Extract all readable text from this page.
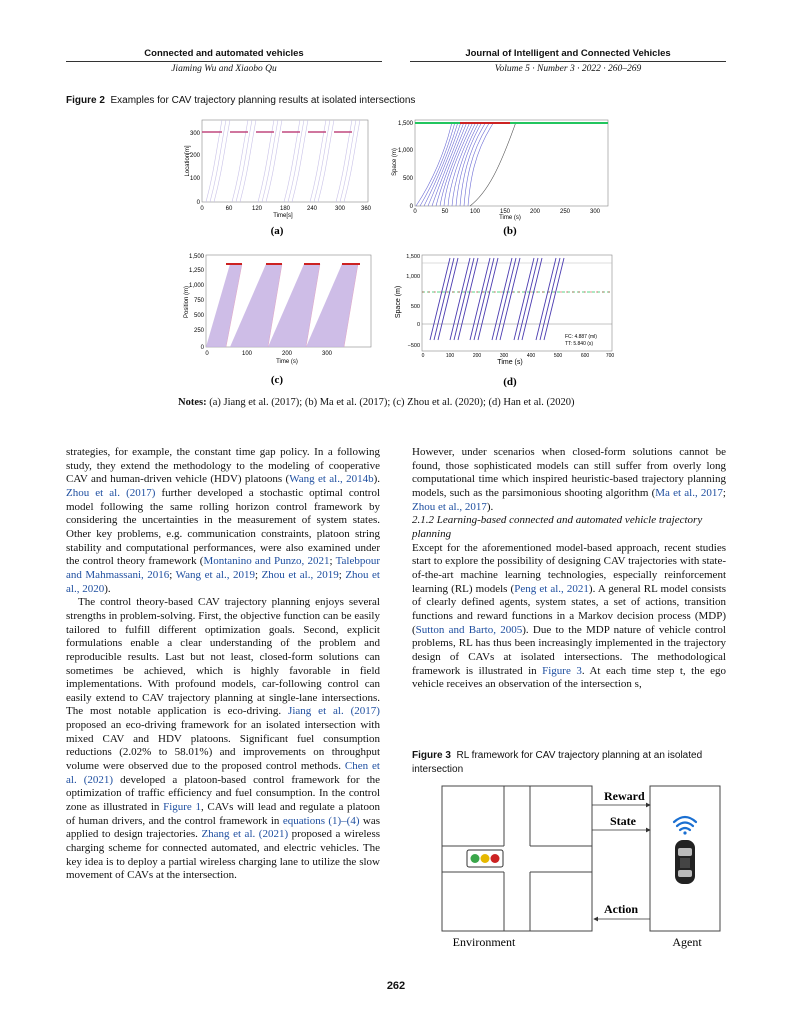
Connected and automated vehicles
Jiaming Wu and Xiaobo Qu
Journal of Intelligent and Connected Vehicles
Volume 5 · Number 3 · 2022 · 260–269
Figure 2 Examples for CAV trajectory planning results at isolated intersections
300
200
100
0
0	60	120	180	240	300	360
Time[s]
Location[m]
(a)
1,500
1,000
500
0
0	50	100	150	200	250	300
Time (s)
Space (m)
(b)
1,500
1,250
1,000
750
500
250
0
0	100	200	300
Time (s)
Position (m)
(c)
1,500
1,000
500
0
−500
0	100	200	300	400	500	600	700
Time (s)
Space (m)
FC: 4.887 (ml)
TT: 5.840 (s)
(d)
Notes: (a) Jiang et al. (2017); (b) Ma et al. (2017); (c) Zhou et al. (2020); (d) Han et al. (2020)

strategies, for example, the constant time gap policy. In a following study, they extend the methodology to the modeling of cooperative CAV and human-driven vehicle (HDV) platoons (Wang et al., 2014b). Zhou et al. (2017) further developed a stochastic optimal control model following the same rolling horizon control framework by considering the uncertainties in the measurement of system states. Other key problems, e.g. communication constraints, platoon string stability and computational performances, were also examined under the control theory framework (Montanino and Punzo, 2021; Talebpour and Mahmassani, 2016; Wang et al., 2019; Zhou et al., 2019; Zhou et al., 2020).

The control theory-based CAV trajectory planning enjoys several strengths in problem-solving. First, the objective function can be easily tailored to fulfill different optimization goals. Second, explicit formulations enable a clear understanding of the problem and reproducible results. Last but not least, closed-form solutions can sometimes be achieved, which is highly favorable in field implementations. With profound models, car-following control can easily extend to CAV trajectory planning at single-lane intersections. The most notable application is eco-driving. Jiang et al. (2017) proposed an eco-driving framework for an isolated intersection with mixed CAV and HDV platoons. Significant fuel consumption reductions (2.02% to 58.01%) and improvements on throughput volume were observed due to the proposed control methods. Chen et al. (2021) developed a platoon-based control framework for the optimization of traffic efficiency and fuel consumption. In the control zone as illustrated in Figure 1, CAVs will lead and regulate a platoon of human drivers, and the control framework in equations (1)–(4) was applied to design trajectories. Zhang et al. (2021) proposed a wireless charging scheme for connected automated, and electric vehicles. The key idea is to deploy a partial wireless charging lane to utilize the slow movement of CAVs at the intersection.

However, under scenarios when closed-form solutions cannot be found, those sophisticated models can still suffer from overly long computational time which inspired heuristic-based trajectory planning models, such as the parsimonious shooting algorithm (Ma et al., 2017; Zhou et al., 2017).

2.1.2 Learning-based connected and automated vehicle trajectory planning

Except for the aforementioned model-based approach, recent studies start to explore the possibility of designing CAV trajectories with state-of-the-art machine learning technologies, especially reinforcement learning (RL) models (Peng et al., 2021). A general RL model consists of clearly defined agents, system states, a set of actions, transition functions and reward functions in a Markov decision process (MDP) (Sutton and Barto, 2005). Due to the MDP nature of vehicle control problems, RL has thus been increasingly implemented in the trajectory design of CAVs at isolated intersections. The methodological framework is illustrated in Figure 3. At each time step t, the ego vehicle receives an observation of the intersection s,

Figure 3 RL framework for CAV trajectory planning at an isolated intersection
Reward
State
Action
Environment	Agent
262
